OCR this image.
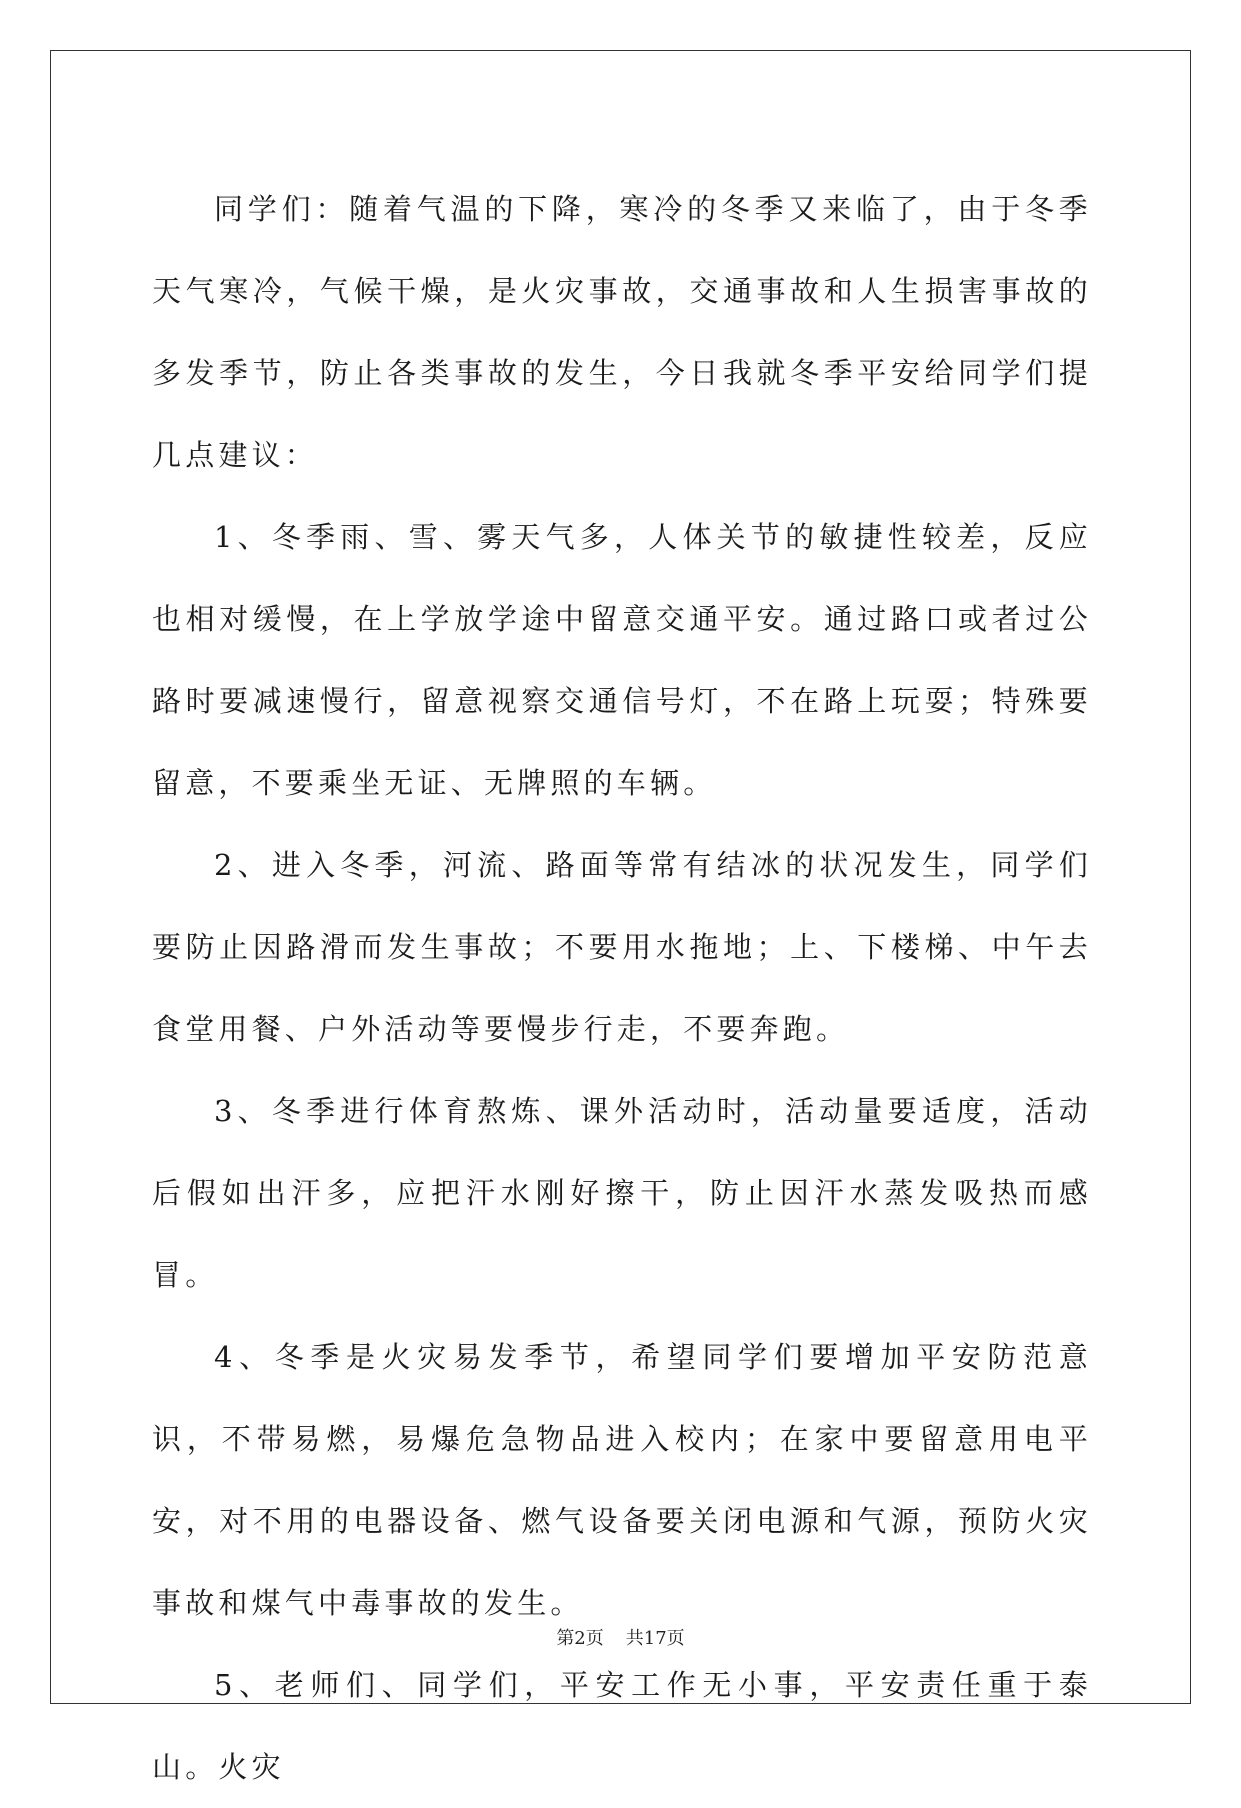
同学们：随着气温的下降，寒冷的冬季又来临了，由于冬季天气寒冷，气候干燥，是火灾事故，交通事故和人生损害事故的多发季节，防止各类事故的发生，今日我就冬季平安给同学们提几点建议：

1、冬季雨、雪、雾天气多，人体关节的敏捷性较差，反应也相对缓慢，在上学放学途中留意交通平安。通过路口或者过公路时要减速慢行，留意视察交通信号灯，不在路上玩耍；特殊要留意，不要乘坐无证、无牌照的车辆。

2、进入冬季，河流、路面等常有结冰的状况发生，同学们要防止因路滑而发生事故；不要用水拖地；上、下楼梯、中午去食堂用餐、户外活动等要慢步行走，不要奔跑。

3、冬季进行体育熬炼、课外活动时，活动量要适度，活动后假如出汗多，应把汗水刚好擦干，防止因汗水蒸发吸热而感冒。

4、冬季是火灾易发季节，希望同学们要增加平安防范意识，不带易燃，易爆危急物品进入校内；在家中要留意用电平安，对不用的电器设备、燃气设备要关闭电源和气源，预防火灾事故和煤气中毒事故的发生。

5、老师们、同学们，平安工作无小事，平安责任重于泰山。火灾

第2页 共17页
